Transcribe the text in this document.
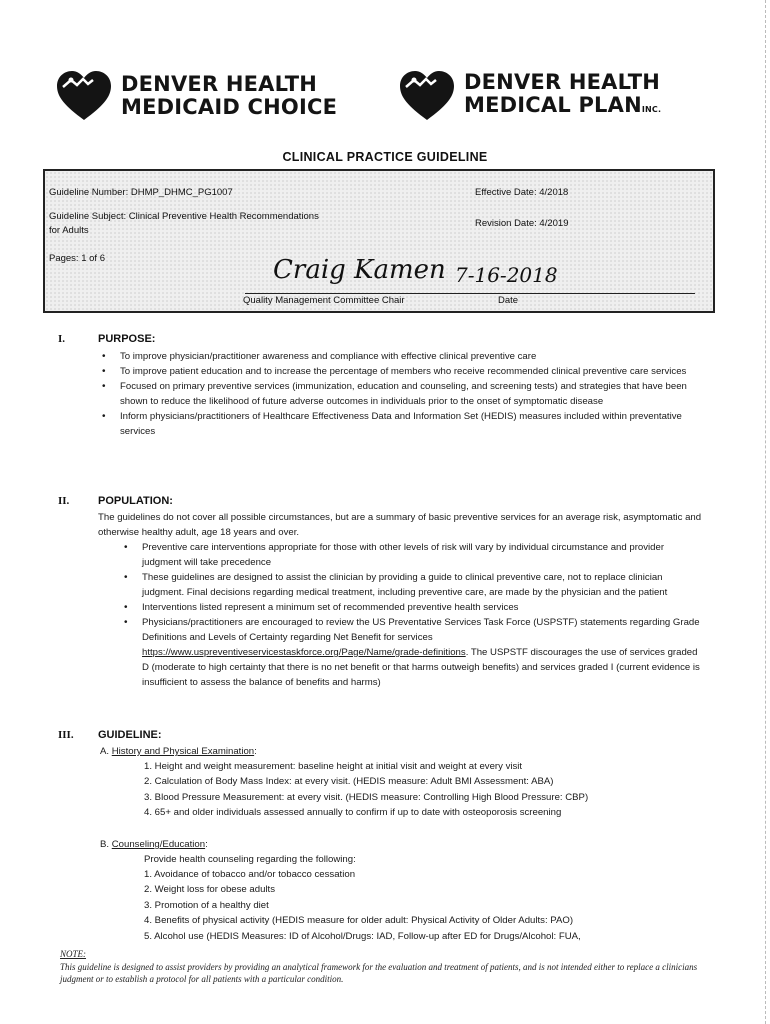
DENVER HEALTH
MEDICAID CHOICE
DENVER HEALTH
MEDICAL PLANINC.
CLINICAL PRACTICE GUIDELINE
Guideline Number: DHMP_DHMC_PG1007	Effective Date: 4/2018
Guideline Subject: Clinical Preventive Health Recommendations
for Adults
Revision Date: 4/2019
Pages: 1 of 6	Craig Kamen 7-16-2018
Quality Management Committee Chair	Date
I.	PURPOSE:
• To improve physician/practitioner awareness and compliance with effective clinical preventive care
• To improve patient education and to increase the percentage of members who receive recommended clinical preventive care services
• Focused on primary preventive services (immunization, education and counseling, and screening tests) and strategies that have been shown to reduce the likelihood of future adverse outcomes in individuals prior to the onset of symptomatic disease
• Inform physicians/practitioners of Healthcare Effectiveness Data and Information Set (HEDIS) measures included within preventative services
II.	POPULATION:
The guidelines do not cover all possible circumstances, but are a summary of basic preventive services for an average risk, asymptomatic and otherwise healthy adult, age 18 years and over.
• Preventive care interventions appropriate for those with other levels of risk will vary by individual circumstance and provider judgment will take precedence
• These guidelines are designed to assist the clinician by providing a guide to clinical preventive care, not to replace clinician judgment. Final decisions regarding medical treatment, including preventive care, are made by the physician and the patient
• Interventions listed represent a minimum set of recommended preventive health services
• Physicians/practitioners are encouraged to review the US Preventative Services Task Force (USPSTF) statements regarding Grade Definitions and Levels of Certainty regarding Net Benefit for services https://www.uspreventiveservicestaskforce.org/Page/Name/grade-definitions. The USPSTF discourages the use of services graded D (moderate to high certainty that there is no net benefit or that harms outweigh benefits) and services graded I (current evidence is insufficient to assess the balance of benefits and harms)
III. GUIDELINE:
A. History and Physical Examination:
1. Height and weight measurement: baseline height at initial visit and weight at every visit
2. Calculation of Body Mass Index: at every visit. (HEDIS measure: Adult BMI Assessment: ABA)
3. Blood Pressure Measurement: at every visit. (HEDIS measure: Controlling High Blood Pressure: CBP)
4. 65+ and older individuals assessed annually to confirm if up to date with osteoporosis screening
B. Counseling/Education:
Provide health counseling regarding the following:
1. Avoidance of tobacco and/or tobacco cessation
2. Weight loss for obese adults
3. Promotion of a healthy diet
4. Benefits of physical activity (HEDIS measure for older adult: Physical Activity of Older Adults: PAO)
5. Alcohol use (HEDIS Measures: ID of Alcohol/Drugs: IAD, Follow-up after ED for Drugs/Alcohol: FUA,
NOTE:
This guideline is designed to assist providers by providing an analytical framework for the evaluation and treatment of patients, and is not intended either to replace a clinicians judgment or to establish a protocol for all patients with a particular condition.
